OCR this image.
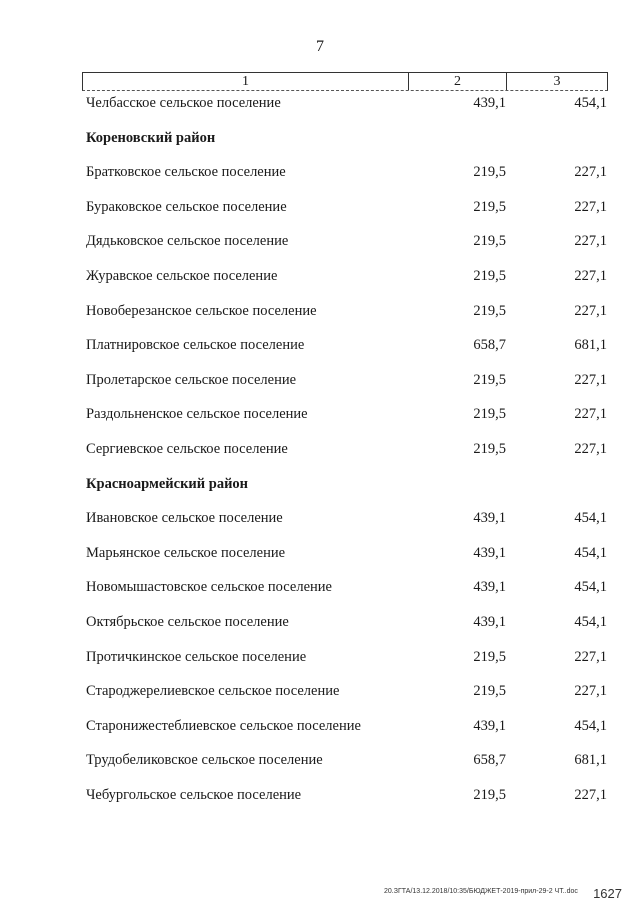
7
1	2	3
Челбасское сельское поселение	439,1	454,1
Кореновский район
Братковское сельское поселение	219,5	227,1
Бураковское сельское поселение	219,5	227,1
Дядьковское сельское поселение	219,5	227,1
Журавское сельское поселение	219,5	227,1
Новоберезанское сельское поселение	219,5	227,1
Платнировское сельское поселение	658,7	681,1
Пролетарское сельское поселение	219,5	227,1
Раздольненское сельское поселение	219,5	227,1
Сергиевское сельское поселение	219,5	227,1
Красноармейский район
Ивановское сельское поселение	439,1	454,1
Марьянское сельское поселение	439,1	454,1
Новомышастовское сельское поселение	439,1	454,1
Октябрьское сельское поселение	439,1	454,1
Протичкинское сельское поселение	219,5	227,1
Староджерелиевское сельское поселение	219,5	227,1
Старонижестеблиевское сельское поселение	439,1	454,1
Трудобеликовское сельское поселение	658,7	681,1
Чебургольское сельское поселение	219,5	227,1
20.ЗГТА/13.12.2018/10:35/БЮДЖЕТ-2019-прил-29-2 ЧТ..doc 1627
